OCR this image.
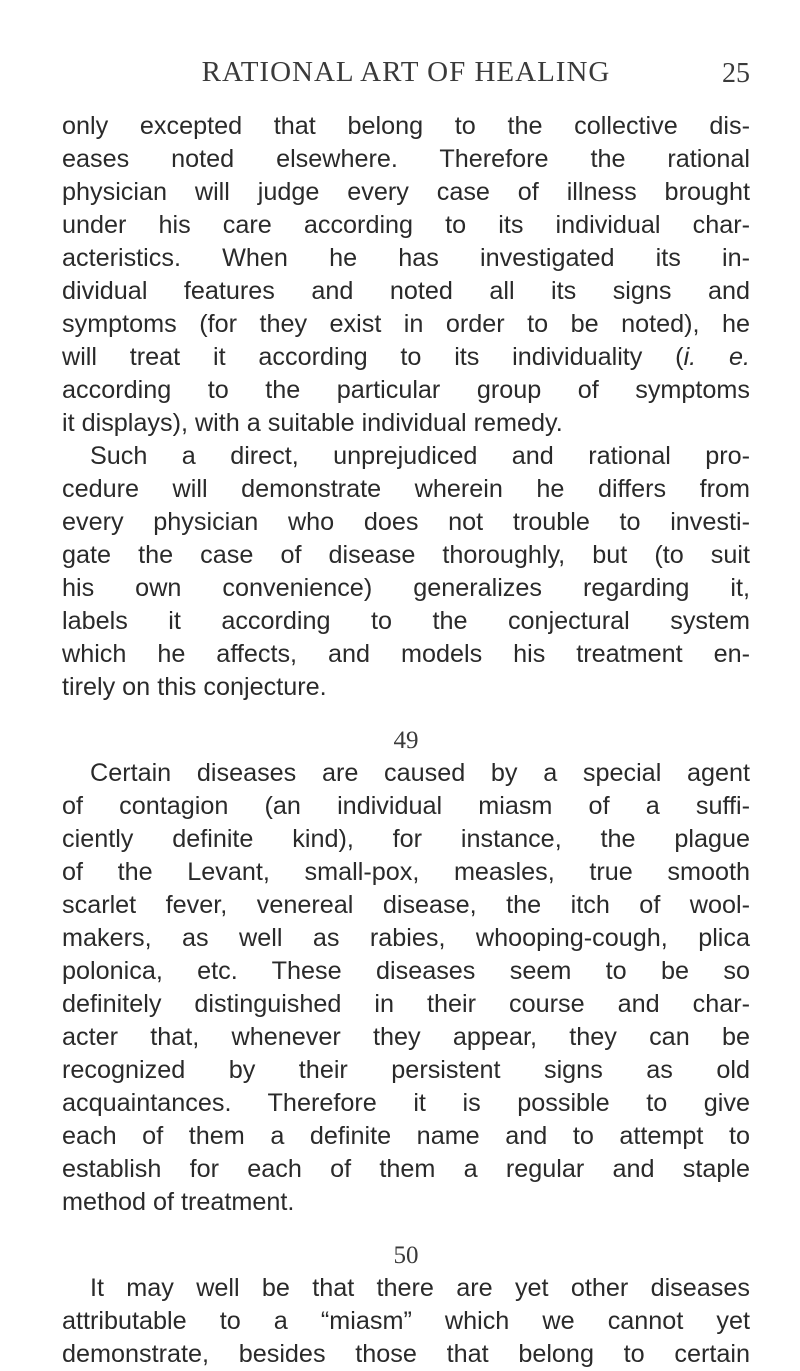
RATIONAL ART OF HEALING	25

only excepted that belong to the collective dis-
eases noted elsewhere. Therefore the rational
physician will judge every case of illness brought
under his care according to its individual char-
acteristics. When he has investigated its in-
dividual features and noted all its signs and
symptoms (for they exist in order to be noted), he
will treat it according to its individuality (i. e.
according to the particular group of symptoms
it displays), with a suitable individual remedy.

Such a direct, unprejudiced and rational pro-
cedure will demonstrate wherein he differs from
every physician who does not trouble to investi-
gate the case of disease thoroughly, but (to suit
his own convenience) generalizes regarding it,
labels it according to the conjectural system
which he affects, and models his treatment en-
tirely on this conjecture.

49

Certain diseases are caused by a special agent
of contagion (an individual miasm of a suffi-
ciently definite kind), for instance, the plague
of the Levant, small-pox, measles, true smooth
scarlet fever, venereal disease, the itch of wool-
makers, as well as rabies, whooping-cough, plica
polonica, etc. These diseases seem to be so
definitely distinguished in their course and char-
acter that, whenever they appear, they can be
recognized by their persistent signs as old
acquaintances. Therefore it is possible to give
each of them a definite name and to attempt to
establish for each of them a regular and staple
method of treatment.

50

It may well be that there are yet other diseases
attributable to a “miasm” which we cannot yet
demonstrate, besides those that belong to certain
